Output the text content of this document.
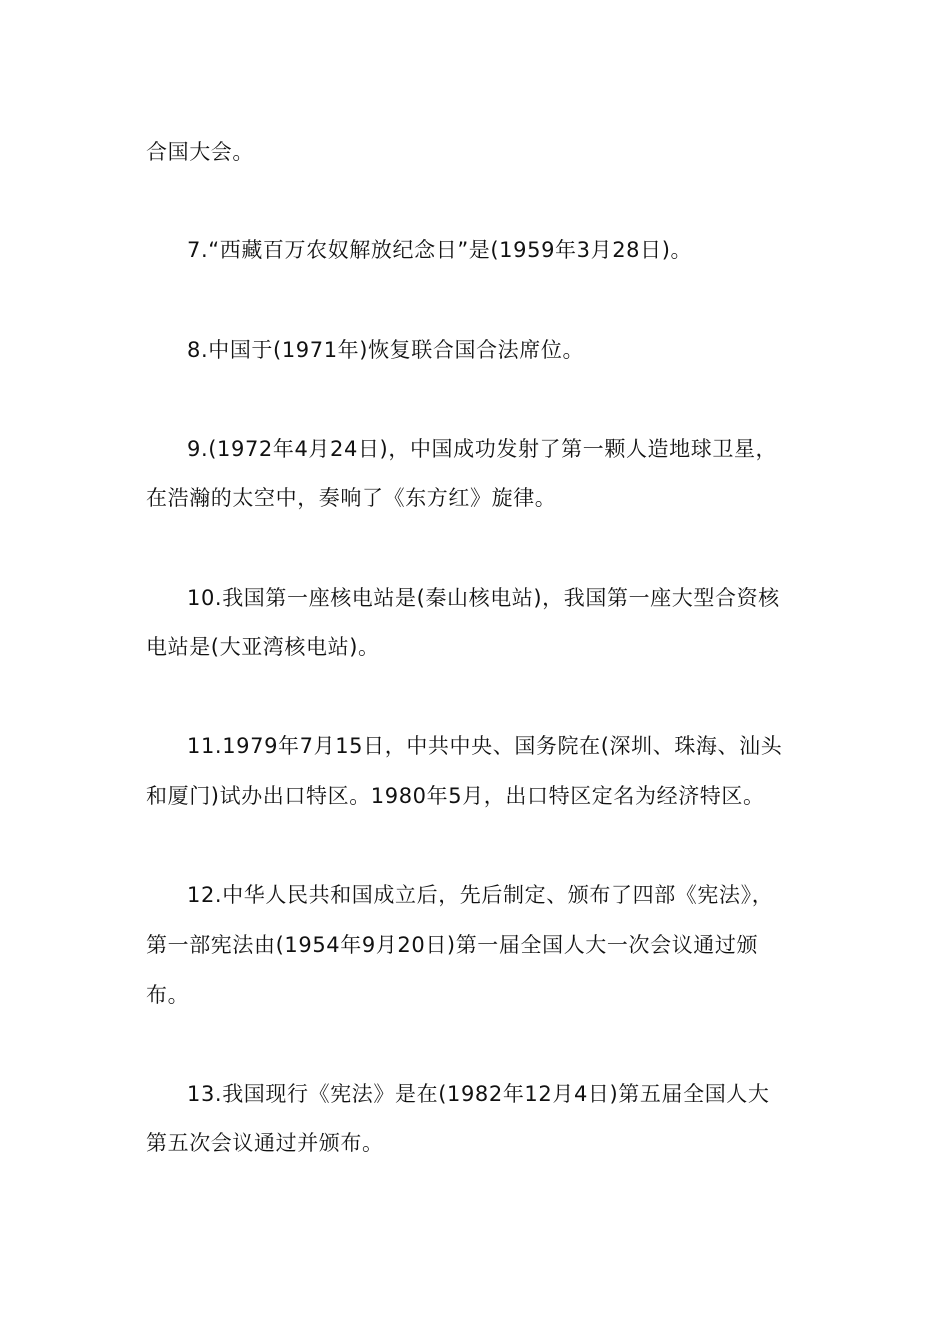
合国大会。
7.“西藏百万农奴解放纪念日”是(1959年3月28日)。
8.中国于(1971年)恢复联合国合法席位。
9.(1972年4月24日)，中国成功发射了第一颗人造地球卫星，
在浩瀚的太空中，奏响了《东方红》旋律。
10.我国第一座核电站是(秦山核电站)，我国第一座大型合资核
电站是(大亚湾核电站)。
11.1979年7月15日，中共中央、国务院在(深圳、珠海、汕头
和厦门)试办出口特区。1980年5月，出口特区定名为经济特区。
12.中华人民共和国成立后，先后制定、颁布了四部《宪法》，
第一部宪法由(1954年9月20日)第一届全国人大一次会议通过颁
布。
13.我国现行《宪法》是在(1982年12月4日)第五届全国人大
第五次会议通过并颁布。
